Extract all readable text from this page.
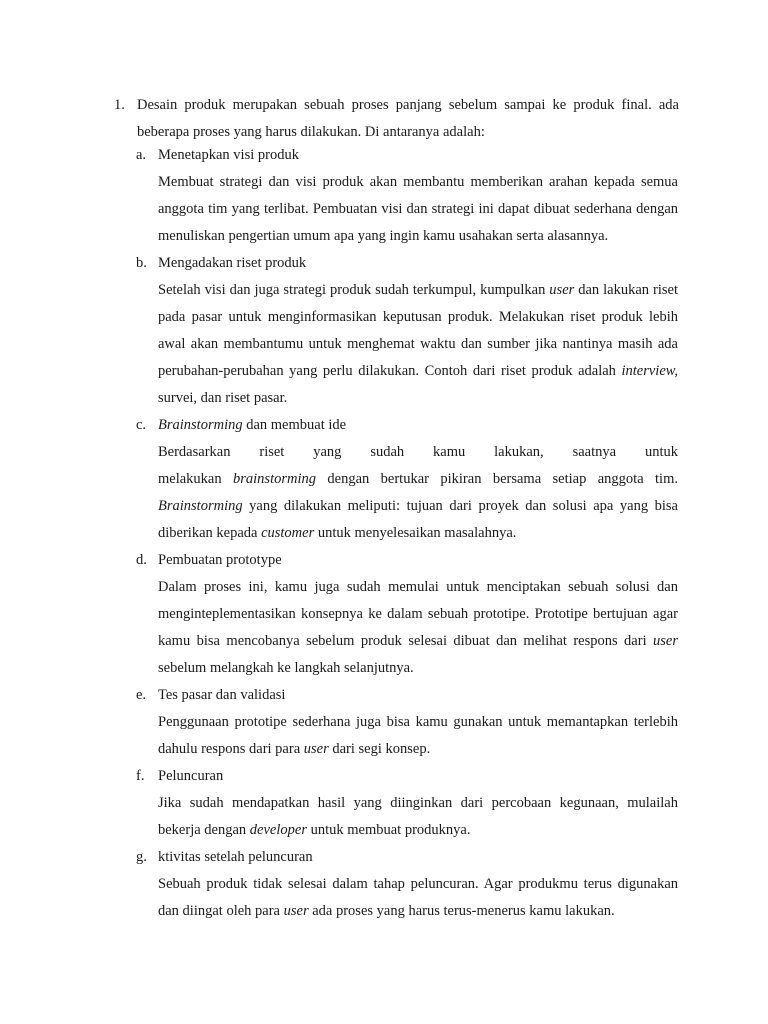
1. Desain produk merupakan sebuah proses panjang sebelum sampai ke produk final. ada beberapa proses yang harus dilakukan. Di antaranya adalah:
a. Menetapkan visi produk
Membuat strategi dan visi produk akan membantu memberikan arahan kepada semua anggota tim yang terlibat. Pembuatan visi dan strategi ini dapat dibuat sederhana dengan menuliskan pengertian umum apa yang ingin kamu usahakan serta alasannya.
b. Mengadakan riset produk
Setelah visi dan juga strategi produk sudah terkumpul, kumpulkan user dan lakukan riset pada pasar untuk menginformasikan keputusan produk. Melakukan riset produk lebih awal akan membantumu untuk menghemat waktu dan sumber jika nantinya masih ada perubahan-perubahan yang perlu dilakukan. Contoh dari riset produk adalah interview, survei, dan riset pasar.
c. Brainstorming dan membuat ide
Berdasarkan riset yang sudah kamu lakukan, saatnya untuk
melakukan brainstorming dengan bertukar pikiran bersama setiap anggota tim. Brainstorming yang dilakukan meliputi: tujuan dari proyek dan solusi apa yang bisa diberikan kepada customer untuk menyelesaikan masalahnya.
d. Pembuatan prototype
Dalam proses ini, kamu juga sudah memulai untuk menciptakan sebuah solusi dan menginteplementasikan konsepnya ke dalam sebuah prototipe. Prototipe bertujuan agar kamu bisa mencobanya sebelum produk selesai dibuat dan melihat respons dari user sebelum melangkah ke langkah selanjutnya.
e. Tes pasar dan validasi
Penggunaan prototipe sederhana juga bisa kamu gunakan untuk memantapkan terlebih dahulu respons dari para user dari segi konsep.
f. Peluncuran
Jika sudah mendapatkan hasil yang diinginkan dari percobaan kegunaan, mulailah bekerja dengan developer untuk membuat produknya.
g. ktivitas setelah peluncuran
Sebuah produk tidak selesai dalam tahap peluncuran. Agar produkmu terus digunakan dan diingat oleh para user ada proses yang harus terus-menerus kamu lakukan.
